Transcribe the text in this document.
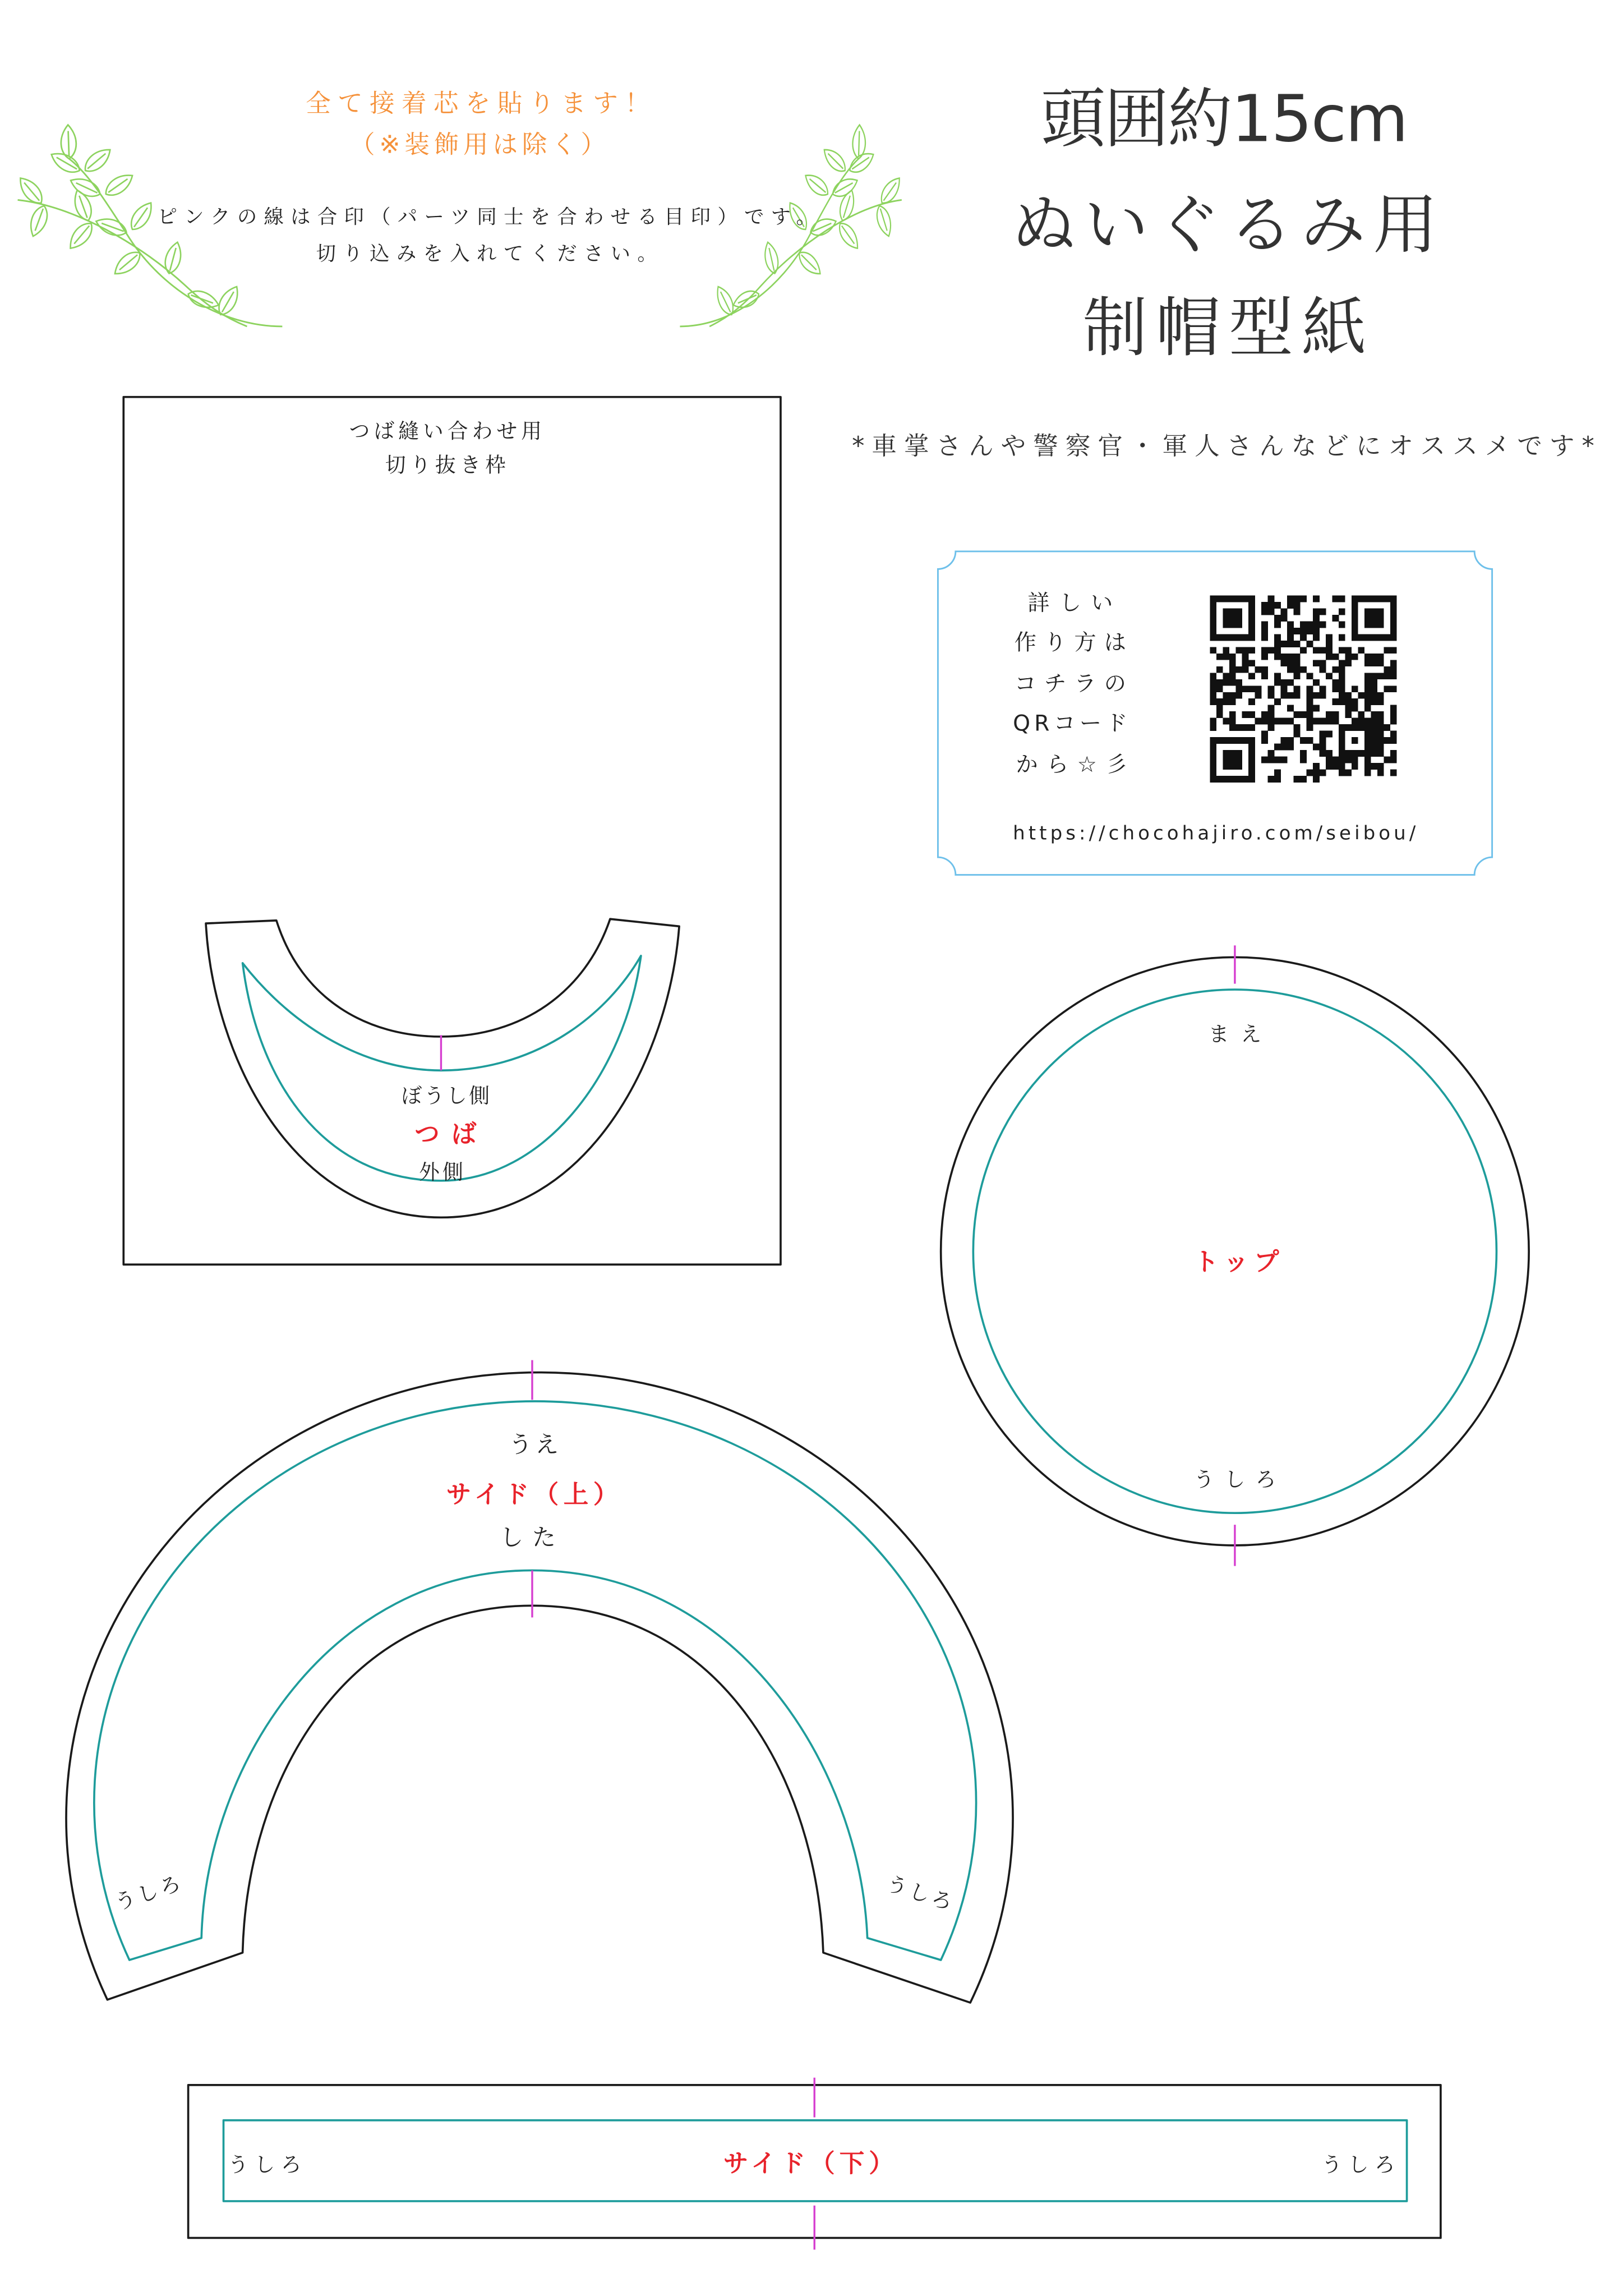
全て接着芯を貼ります！
（※装飾用は除く）
ピンクの線は合印（パーツ同士を合わせる目印）です。
切り込みを入れてください。
頭囲約15cm
ぬいぐるみ用
制帽型紙
*車掌さんや警察官・軍人さんなどにオススメです*
つば縫い合わせ用
切り抜き枠
ぼうし側
つば
外側
詳しい
作り方は
コチラの
QRコード
から☆彡
https://chocohajiro.com/seibou/
まえ
トップ
うしろ
うえ
サイド（上）
した
うしろ	うしろ
うしろ	サイド（下）	うしろ
